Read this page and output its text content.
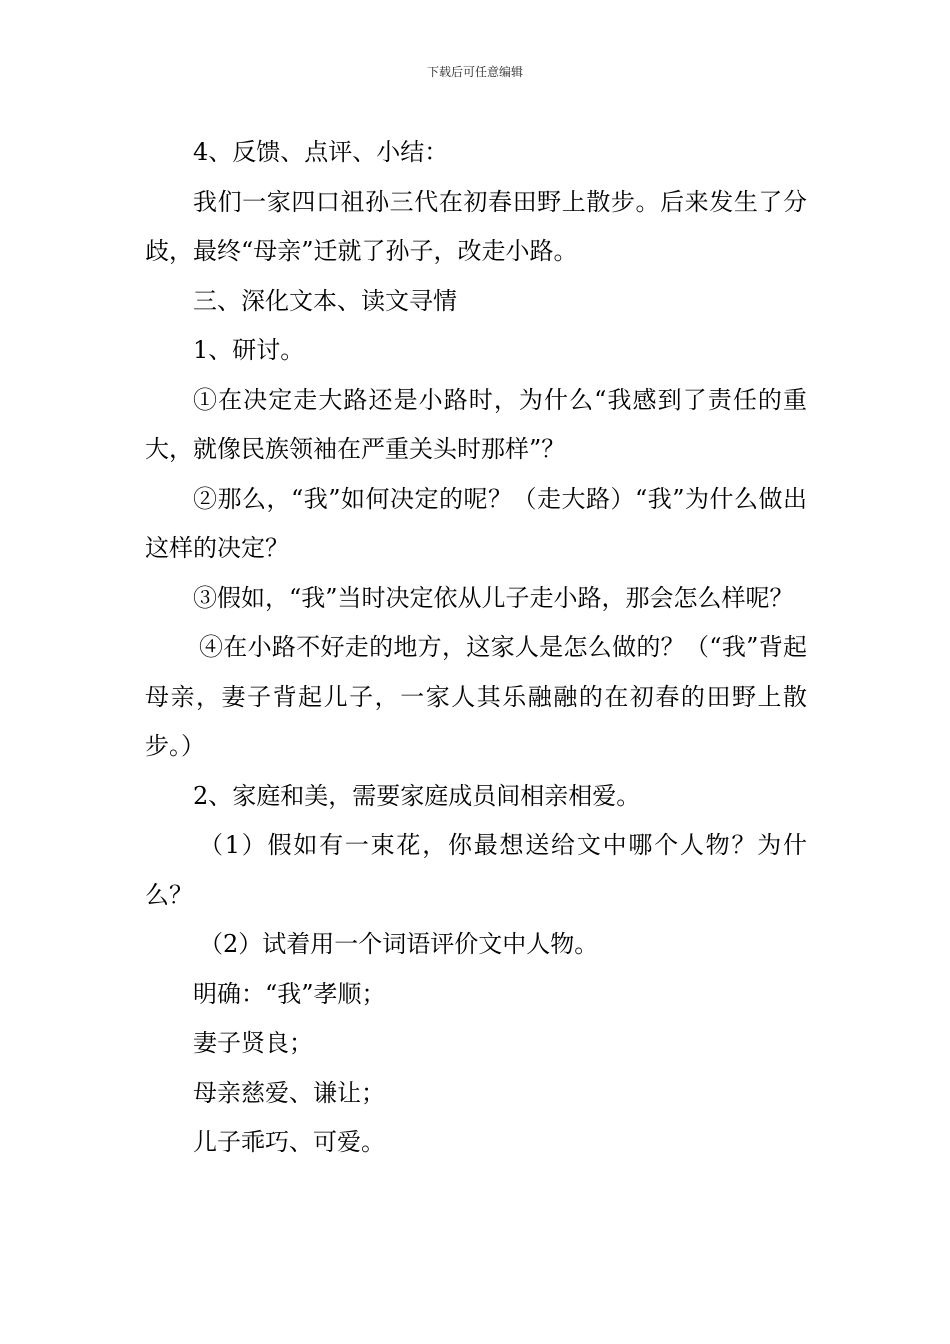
下载后可任意编辑

4、反馈、点评、小结：

我们一家四口祖孙三代在初春田野上散步。后来发生了分歧，最终“母亲”迁就了孙子，改走小路。

三、深化文本、读文寻情

1、研讨。

①在决定走大路还是小路时，为什么“我感到了责任的重大，就像民族领袖在严重关头时那样”？

②那么，“我”如何决定的呢？（走大路）“我”为什么做出这样的决定？

③假如，“我”当时决定依从儿子走小路，那会怎么样呢？

④在小路不好走的地方，这家人是怎么做的？（“我”背起母亲，妻子背起儿子，一家人其乐融融的在初春的田野上散步。）

2、家庭和美，需要家庭成员间相亲相爱。

（1）假如有一束花，你最想送给文中哪个人物？为什么？

（2）试着用一个词语评价文中人物。

明确：“我”孝顺；

妻子贤良；

母亲慈爱、谦让；

儿子乖巧、可爱。
